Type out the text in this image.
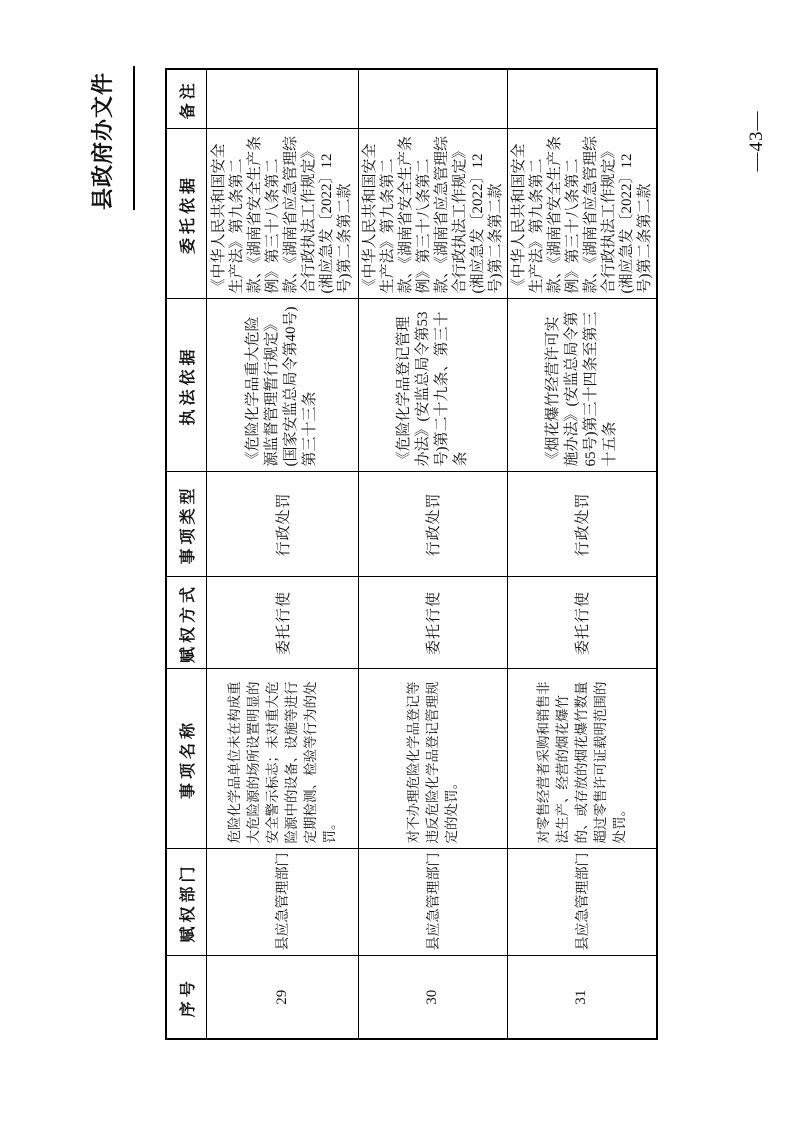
县政府办文件	—43—
序号	赋权部门	事项名称	赋权方式	事项类型	执法依据	委托依据	备注
29	县应急管理部门	危险化学品单位未在构成重大危险源的场所设置明显的安全警示标志；未对重大危险源中的设备、设施等进行定期检测、检验等行为的处罚。	委托行使	行政处罚	《危险化学品重大危险源监督管理暂行规定》(国家安监总局令第40号)第三十三条	《中华人民共和国安全生产法》第九条第二款、《湖南省安全生产条例》第三十八条第二款、《湖南省应急管理综合行政执法工作规定》(湘应急发〔2022〕12号)第二条第二款	
30	县应急管理部门	对不办理危险化学品登记等违反危险化学品登记管理规定的处罚。	委托行使	行政处罚	《危险化学品登记管理办法》(安监总局令第53号)第二十九条、第三十条	《中华人民共和国安全生产法》第九条第二款、《湖南省安全生产条例》第三十八条第二款、《湖南省应急管理综合行政执法工作规定》(湘应急发〔2022〕12号)第二条第二款	
31	县应急管理部门	对零售经营者采购和销售非法生产、经营的烟花爆竹的、或存放的烟花爆竹数量超过零售许可证载明范围的处罚。	委托行使	行政处罚	《烟花爆竹经营许可实施办法》(安监总局令第65号)第三十四条至第三十五条	《中华人民共和国安全生产法》第九条第二款、《湖南省安全生产条例》第三十八条第二款、《湖南省应急管理综合行政执法工作规定》(湘应急发〔2022〕12号)第二条第二款	
